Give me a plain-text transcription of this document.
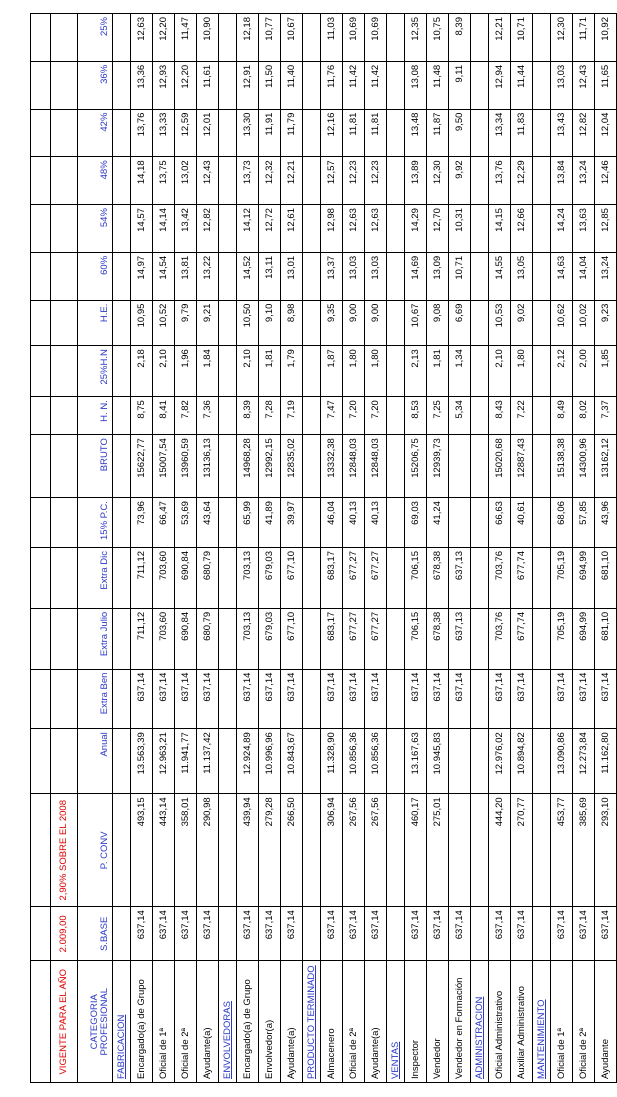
VIGENTE PARA EL AÑO	2.009,00	2,90% SOBRE EL 2008															
CATEGORIA PROFESIONAL	S.BASE	P. CONV	Anual	Extra Ben	Extra Julio	Extra Dic	15% P.C.	BRUTO	H. N.	25%H.N	H.E.	60%	54%	48%	42%	36%	25%
FABRICACION																	
Encargado(a) de Grupo	637,14	493,15	13.563,39	637,14	711,12	711,12	73,96	15622,77	8,75	2,18	10,95	14,97	14,57	14,18	13,76	13,36	12,63
Oficial de 1ª	637,14	443,14	12.963,21	637,14	703,60	703,60	66,47	15007,54	8,41	2,10	10,52	14,54	14,14	13,75	13,33	12,93	12,20
Oficial de 2ª	637,14	358,01	11.941,77	637,14	690,84	690,84	53,69	13960,59	7,82	1,96	9,79	13,81	13,42	13,02	12,59	12,20	11,47
Ayudante(a)	637,14	290,98	11.137,42	637,14	680,79	680,79	43,64	13136,13	7,36	1,84	9,21	13,22	12,82	12,43	12,01	11,61	10,90
ENVOLVEDORAS																	
Encargado(a) de Grupo	637,14	439,94	12.924,89	637,14	703,13	703,13	65,99	14968,28	8,39	2,10	10,50	14,52	14,12	13,73	13,30	12,91	12,18
Envolvedor(a)	637,14	279,28	10.996,96	637,14	679,03	679,03	41,89	12992,15	7,28	1,81	9,10	13,11	12,72	12,32	11,91	11,50	10,77
Ayudante(a)	637,14	266,50	10.843,67	637,14	677,10	677,10	39,97	12835,02	7,19	1,79	8,98	13,01	12,61	12,21	11,79	11,40	10,67
PRODUCTO TERMINADO																	
Almacenero	637,14	306,94	11.328,90	637,14	683,17	683,17	46,04	13332,38	7,47	1,87	9,35	13,37	12,98	12,57	12,16	11,76	11,03
Oficial de 2ª	637,14	267,56	10.856,36	637,14	677,27	677,27	40,13	12848,03	7,20	1,80	9,00	13,03	12,63	12,23	11,81	11,42	10,69
Ayudante(a)	637,14	267,56	10.856,36	637,14	677,27	677,27	40,13	12848,03	7,20	1,80	9,00	13,03	12,63	12,23	11,81	11,42	10,69
VENTAS																	
Inspector	637,14	460,17	13.167,63	637,14	706,15	706,15	69,03	15206,75	8,53	2,13	10,67	14,69	14,29	13,89	13,48	13,08	12,35
Vendedor	637,14	275,01	10.945,83	637,14	678,38	678,38	41,24	12939,73	7,25	1,81	9,08	13,09	12,70	12,30	11,87	11,48	10,75
Vendedor en Formación	637,14			637,14	637,13	637,13			5,34	1,34	6,69	10,71	10,31	9,92	9,50	9,11	8,39
ADMINISTRACION																	
Oficial Administrativo	637,14	444,20	12.976,02	637,14	703,76	703,76	66,63	15020,68	8,43	2,10	10,53	14,55	14,15	13,76	13,34	12,94	12,21
Auxiliar Administrativo	637,14	270,77	10.894,82	637,14	677,74	677,74	40,61	12887,43	7,22	1,80	9,02	13,05	12,66	12,29	11,83	11,44	10,71
MANTENIMIENTO																	
Oficial de 1ª	637,14	453,77	13.090,86	637,14	705,19	705,19	68,06	15138,38	8,49	2,12	10,62	14,63	14,24	13,84	13,43	13,03	12,30
Oficial de 2ª	637,14	385,69	12.273,84	637,14	694,99	694,99	57,85	14300,96	8,02	2,00	10,02	14,04	13,63	13,24	12,82	12,43	11,71
Ayudante	637,14	293,10	11.162,80	637,14	681,10	681,10	43,96	13162,12	7,37	1,85	9,23	13,24	12,85	12,46	12,04	11,65	10,92
